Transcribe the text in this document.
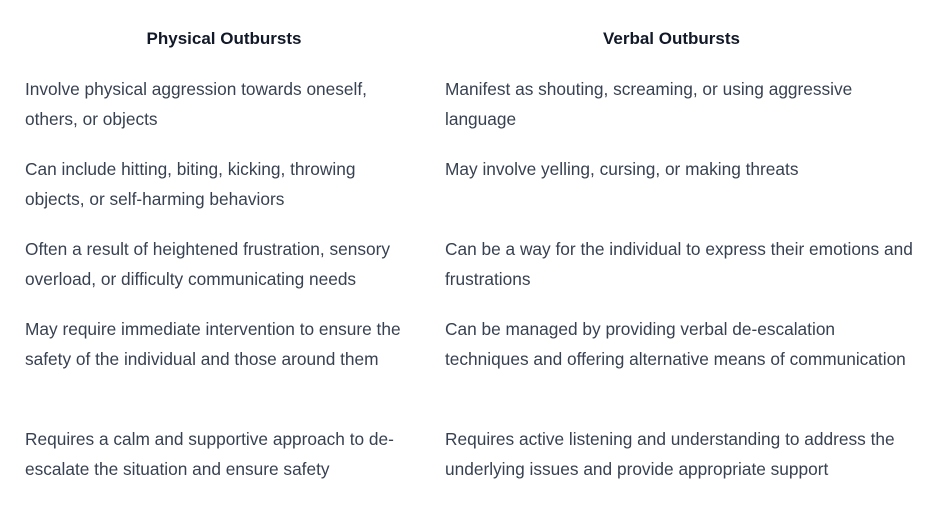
Physical Outbursts	Verbal Outbursts
Involve physical aggression towards oneself, others, or objects
Manifest as shouting, screaming, or using aggressive language
Can include hitting, biting, kicking, throwing objects, or self-harming behaviors
May involve yelling, cursing, or making threats
Often a result of heightened frustration, sensory overload, or difficulty communicating needs
Can be a way for the individual to express their emotions and frustrations
May require immediate intervention to ensure the safety of the individual and those around them
Can be managed by providing verbal de-escalation techniques and offering alternative means of communication
Requires a calm and supportive approach to de-escalate the situation and ensure safety
Requires active listening and understanding to address the underlying issues and provide appropriate support
